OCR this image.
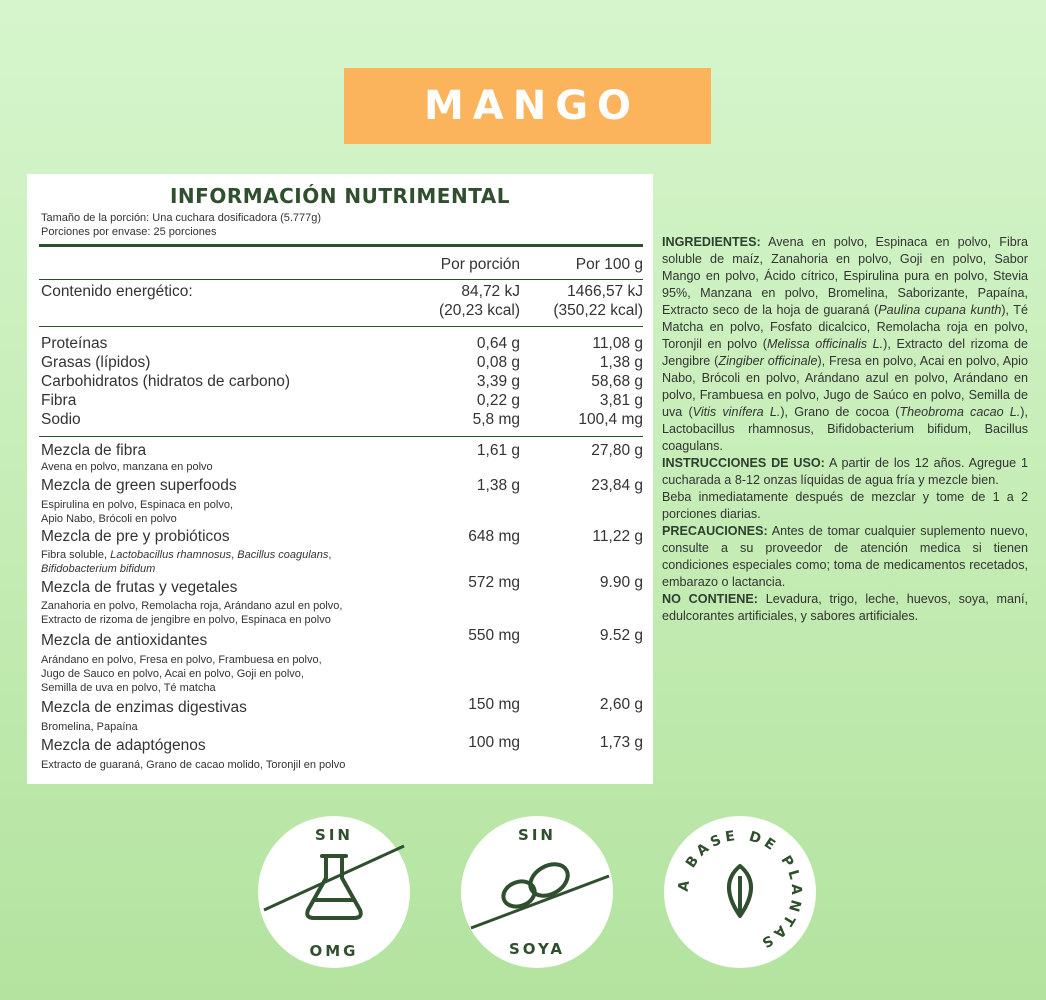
MANGO
INFORMACIÓN NUTRIMENTAL
Tamaño de la porción: Una cuchara dosificadora (5.777g)
Porciones por envase: 25 porciones
Por porción	Por 100 g
Contenido energético:	84,72 kJ	1466,57 kJ
(20,23 kcal) (350,22 kcal)
Proteínas	0,64 g	11,08 g
Grasas (lípidos)	0,08 g	1,38 g
Carbohidratos (hidratos de carbono)	3,39 g	58,68 g
Fibra	0,22 g	3,81 g
Sodio	5,8 mg	100,4 mg
Mezcla de fibra	1,61 g	27,80 g
Avena en polvo, manzana en polvo
Mezcla de green superfoods	1,38 g	23,84 g
Espirulina en polvo, Espinaca en polvo,
Apio Nabo, Brócoli en polvo
Mezcla de pre y probióticos	648 mg	11,22 g
Fibra soluble, Lactobacillus rhamnosus, Bacillus coagulans,
Bifidobacterium bifidum
Mezcla de frutas y vegetales	572 mg	9.90 g
Zanahoria en polvo, Remolacha roja, Arándano azul en polvo,
Extracto de rizoma de jengibre en polvo, Espinaca en polvo
Mezcla de antioxidantes	550 mg	9.52 g
Arándano en polvo, Fresa en polvo, Frambuesa en polvo,
Jugo de Sauco en polvo, Acai en polvo, Goji en polvo,
Semilla de uva en polvo, Té matcha
Mezcla de enzimas digestivas	150 mg	2,60 g
Bromelina, Papaína
Mezcla de adaptógenos	100 mg	1,73 g
Extracto de guaraná, Grano de cacao molido, Toronjil en polvo

INGREDIENTES: Avena en polvo, Espinaca en polvo, Fibra soluble de maíz, Zanahoria en polvo, Goji en polvo, Sabor Mango en polvo, Ácido cítrico, Espirulina pura en polvo, Stevia 95%, Manzana en polvo, Bromelina, Saborizante, Papaína, Extracto seco de la hoja de guaraná (Paulina cupana kunth), Té Matcha en polvo, Fosfato dicalcico, Remolacha roja en polvo, Toronjil en polvo (Melissa officinalis L.), Extracto del rizoma de Jengibre (Zingiber officinale), Fresa en polvo, Acai en polvo, Apio Nabo, Brócoli en polvo, Arándano azul en polvo, Arándano en polvo, Frambuesa en polvo, Jugo de Saúco en polvo, Semilla de uva (Vitis vinífera L.), Grano de cocoa (Theobroma cacao L.), Lactobacillus rhamnosus, Bifidobacterium bifidum, Bacillus coagulans.

INSTRUCCIONES DE USO: A partir de los 12 años. Agregue 1 cucharada a 8-12 onzas líquidas de agua fría y mezcle bien.

Beba inmediatamente después de mezclar y tome de 1 a 2 porciones diarias.

PRECAUCIONES: Antes de tomar cualquier suplemento nuevo, consulte a su proveedor de atención medica si tienen condiciones especiales como; toma de medicamentos recetados, embarazo o lactancia.

NO CONTIENE: Levadura, trigo, leche, huevos, soya, maní, edulcorantes artificiales, y sabores artificiales.

SIN
OMG
SIN
SOYA
A BASE DE PLANTAS
